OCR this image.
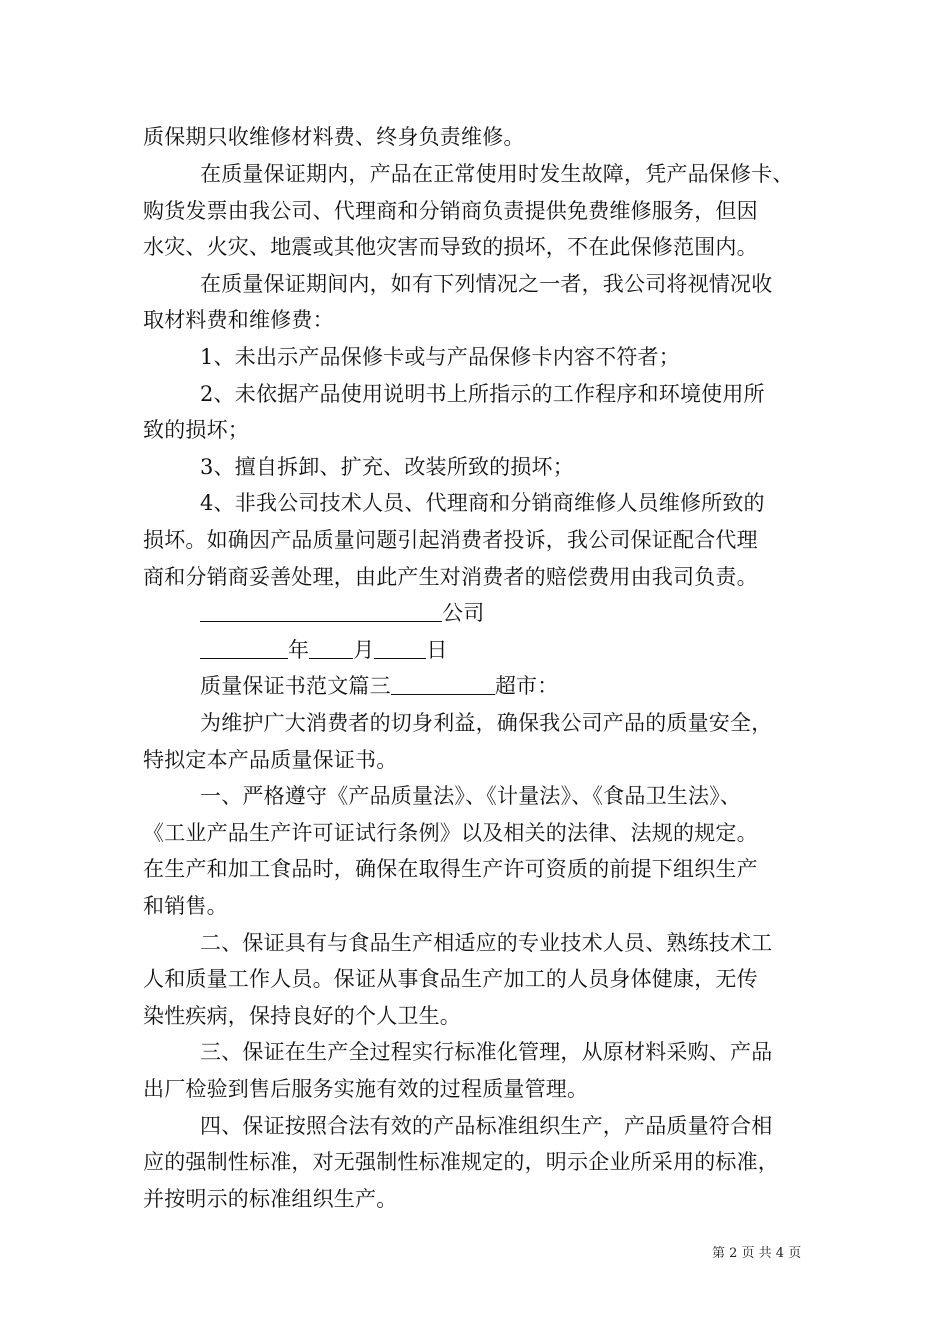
质保期只收维修材料费、终身负责维修。
在质量保证期内，产品在正常使用时发生故障，凭产品保修卡、
购货发票由我公司、代理商和分销商负责提供免费维修服务，但因
水灾、火灾、地震或其他灾害而导致的损坏，不在此保修范围内。
在质量保证期间内，如有下列情况之一者，我公司将视情况收
取材料费和维修费：
1、未出示产品保修卡或与产品保修卡内容不符者；
2、未依据产品使用说明书上所指示的工作程序和环境使用所
致的损坏；
3、擅自拆卸、扩充、改装所致的损坏；
4、非我公司技术人员、代理商和分销商维修人员维修所致的
损坏。如确因产品质量问题引起消费者投诉，我公司保证配合代理
商和分销商妥善处理，由此产生对消费者的赔偿费用由我司负责。
公司
年 月 日
质量保证书范文篇三	超市：
为维护广大消费者的切身利益，确保我公司产品的质量安全，
特拟定本产品质量保证书。
一、严格遵守《产品质量法》、《计量法》、《食品卫生法》、
《工业产品生产许可证试行条例》以及相关的法律、法规的规定。
在生产和加工食品时，确保在取得生产许可资质的前提下组织生产
和销售。
二、保证具有与食品生产相适应的专业技术人员、熟练技术工
人和质量工作人员。保证从事食品生产加工的人员身体健康，无传
染性疾病，保持良好的个人卫生。
三、保证在生产全过程实行标准化管理，从原材料采购、产品
出厂检验到售后服务实施有效的过程质量管理。
四、保证按照合法有效的产品标准组织生产，产品质量符合相
应的强制性标准，对无强制性标准规定的，明示企业所采用的标准，
并按明示的标准组织生产。
第 2 页 共 4 页
